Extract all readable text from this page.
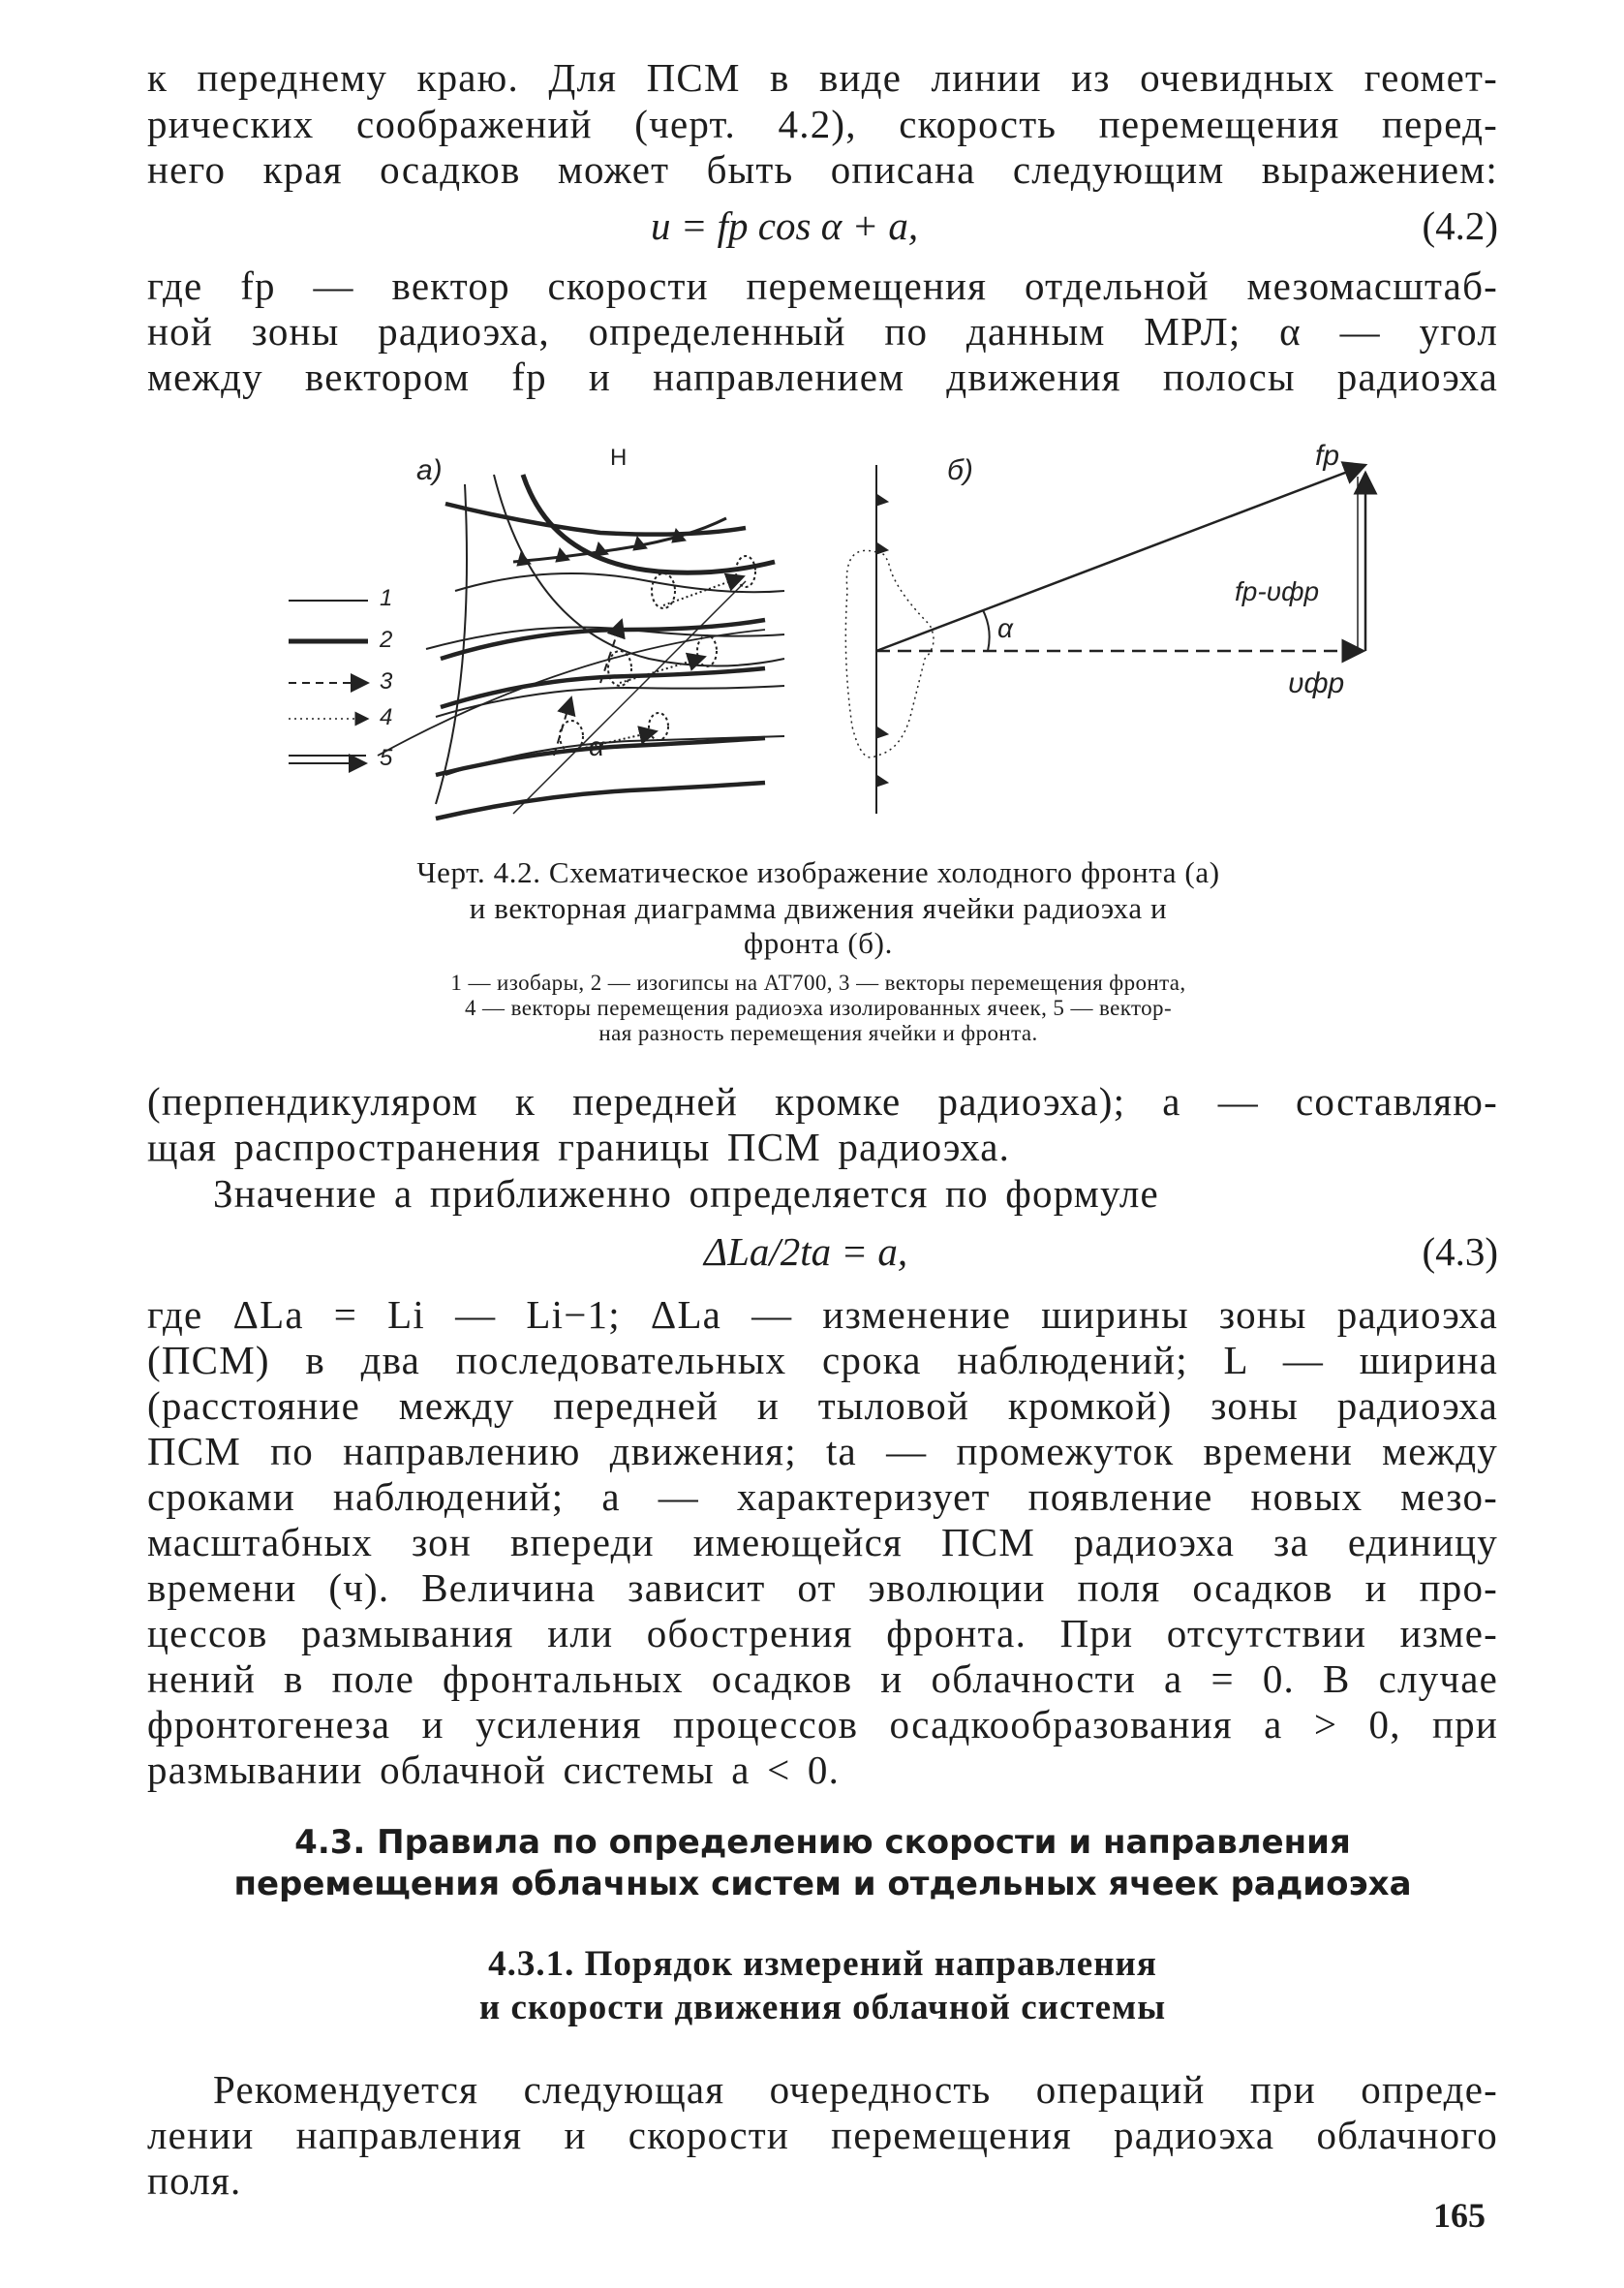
к переднему краю. Для ПСМ в виде линии из очевидных геомет-
рических соображений (черт. 4.2), скорость перемещения перед-
него края осадков может быть описана следующим выражением:
u = fр cos α + a,	(4.2)
где fр — вектор скорости перемещения отдельной мезомасштаб-
ной зоны радиоэха, определенный по данным МРЛ; α — угол
между вектором fр и направлением движения полосы радиоэха
1
2
3
4
5
а)	Н
α
б)
α
fр
fр-υфр
υфр
Черт. 4.2. Схематическое изображение холодного фронта (а)
и векторная диаграмма движения ячейки радиоэха и
фронта (б).
1 — изобары, 2 — изогипсы на АТ700, 3 — векторы перемещения фронта,
4 — векторы перемещения радиоэха изолированных ячеек, 5 — вектор-
ная разность перемещения ячейки и фронта.
(перпендикуляром к передней кромке радиоэха); a — составляю-
щая распространения границы ПСМ радиоэха.
Значение a приближенно определяется по формуле
ΔLa/2ta = a,	(4.3)
где ΔLa = Li — Li−1; ΔLa — изменение ширины зоны радиоэха
(ПСМ) в два последовательных срока наблюдений; L — ширина
(расстояние между передней и тыловой кромкой) зоны радиоэха
ПСМ по направлению движения; ta — промежуток времени между
сроками наблюдений; a — характеризует появление новых мезо-
масштабных зон впереди имеющейся ПСМ радиоэха за единицу
времени (ч). Величина зависит от эволюции поля осадков и про-
цессов размывания или обострения фронта. При отсутствии изме-
нений в поле фронтальных осадков и облачности a = 0. В случае
фронтогенеза и усиления процессов осадкообразования a > 0, при
размывании облачной системы a < 0.
4.3. Правила по определению скорости и направления
перемещения облачных систем и отдельных ячеек радиоэха
4.3.1. Порядок измерений направления
и скорости движения облачной системы
Рекомендуется следующая очередность операций при опреде-
лении направления и скорости перемещения радиоэха облачного
поля.
165
